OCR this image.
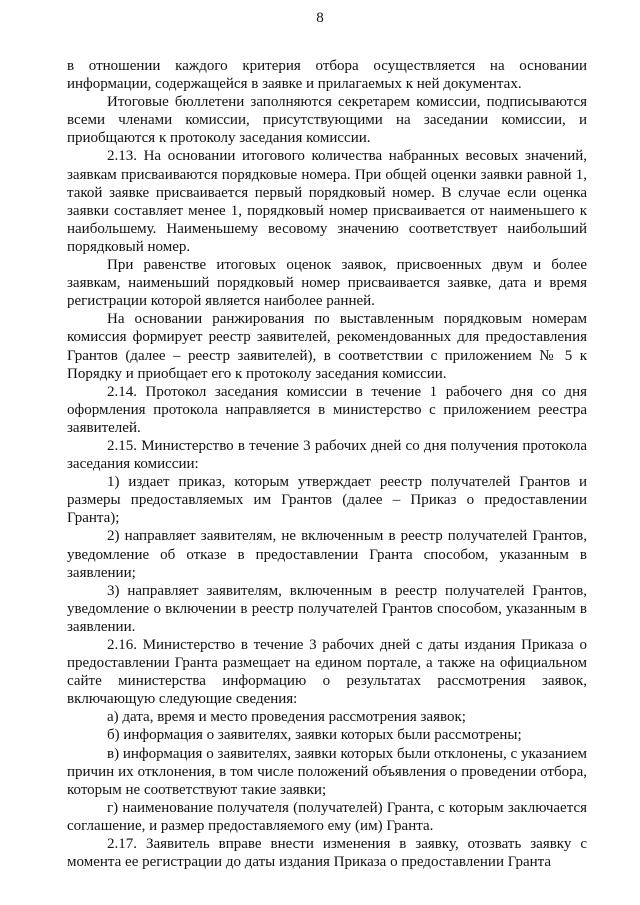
8

в отношении каждого критерия отбора осуществляется на основании информации, содержащейся в заявке и прилагаемых к ней документах.

Итоговые бюллетени заполняются секретарем комиссии, подписываются всеми членами комиссии, присутствующими на заседании комиссии, и приобщаются к протоколу заседания комиссии.

2.13. На основании итогового количества набранных весовых значений, заявкам присваиваются порядковые номера. При общей оценки заявки равной 1, такой заявке присваивается первый порядковый номер. В случае если оценка заявки составляет менее 1, порядковый номер присваивается от наименьшего к наибольшему. Наименьшему весовому значению соответствует наибольший порядковый номер.

При равенстве итоговых оценок заявок, присвоенных двум и более заявкам, наименьший порядковый номер присваивается заявке, дата и время регистрации которой является наиболее ранней.

На основании ранжирования по выставленным порядковым номерам комиссия формирует реестр заявителей, рекомендованных для предоставления Грантов (далее – реестр заявителей), в соответствии с приложением № 5 к Порядку и приобщает его к протоколу заседания комиссии.

2.14. Протокол заседания комиссии в течение 1 рабочего дня со дня оформления протокола направляется в министерство с приложением реестра заявителей.

2.15. Министерство в течение 3 рабочих дней со дня получения протокола заседания комиссии:

1) издает приказ, которым утверждает реестр получателей Грантов и размеры предоставляемых им Грантов (далее – Приказ о предоставлении Гранта);

2) направляет заявителям, не включенным в реестр получателей Грантов, уведомление об отказе в предоставлении Гранта способом, указанным в заявлении;

3) направляет заявителям, включенным в реестр получателей Грантов, уведомление о включении в реестр получателей Грантов способом, указанным в заявлении.

2.16. Министерство в течение 3 рабочих дней с даты издания Приказа о предоставлении Гранта размещает на едином портале, а также на официальном сайте министерства информацию о результатах рассмотрения заявок, включающую следующие сведения:

а) дата, время и место проведения рассмотрения заявок;

б) информация о заявителях, заявки которых были рассмотрены;

в) информация о заявителях, заявки которых были отклонены, с указанием причин их отклонения, в том числе положений объявления о проведении отбора, которым не соответствуют такие заявки;

г) наименование получателя (получателей) Гранта, с которым заключается соглашение, и размер предоставляемого ему (им) Гранта.

2.17. Заявитель вправе внести изменения в заявку, отозвать заявку с момента ее регистрации до даты издания Приказа о предоставлении Гранта
